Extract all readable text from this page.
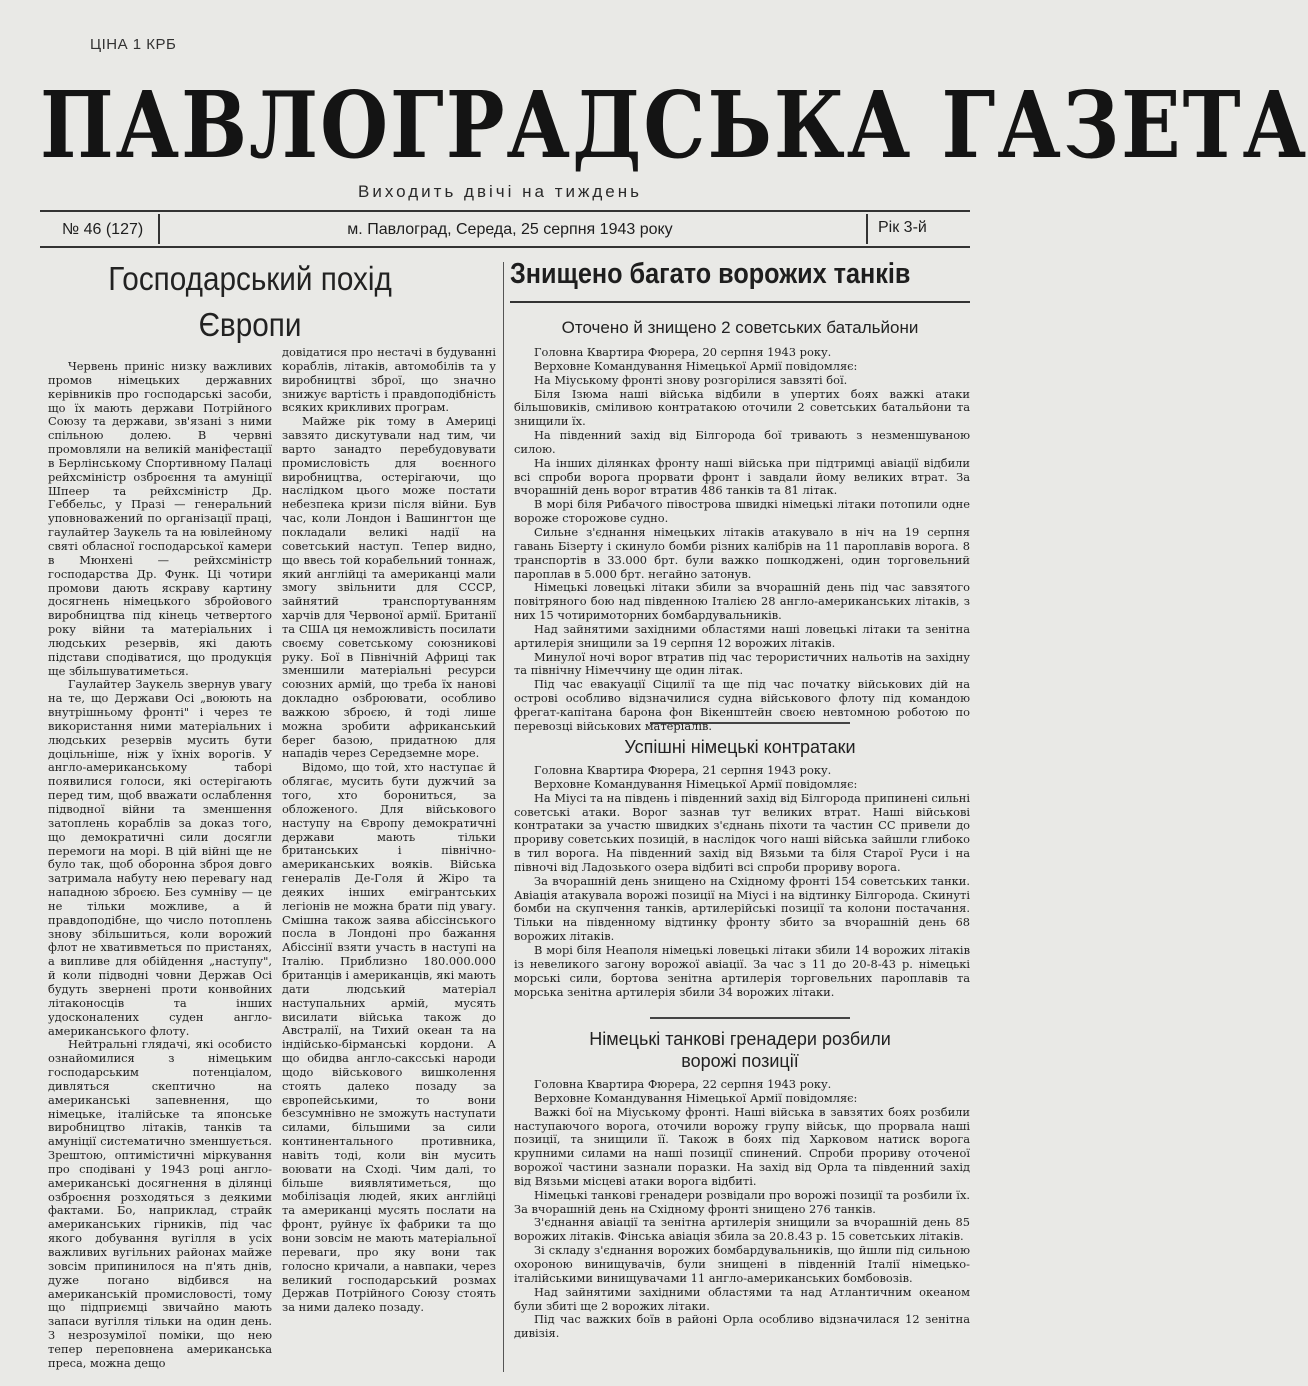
ЦІНА 1 КРБ
ПАВЛОГРАДСЬКА ГАЗЕТА
Виходить двічі на тиждень
№ 46 (127)	м. Павлоград, Середа, 25 серпня 1943 року	Рік 3-й
Господарський похід
Європи

Червень приніс низку важливих промов німецьких державних керівників про господарські засоби, що їх мають держави Потрійного Союзу та держави, зв'язані з ними спільною долею. В червні промовляли на великій маніфестації в Берлінському Спортивному Палаці рейхсміністр озброєння та амуніції Шпеер та рейхсміністр Др. Геббельс, у Празі — генеральний уповноважений по організації праці, гаулайтер Заукель та на ювілейному святі обласної господарської камери в Мюнхені — рейхсміністр господарства Др. Функ. Ці чотири промови дають яскраву картину досягнень німецького збройового виробництва під кінець четвертого року війни та матеріальних і людських резервів, які дають підстави сподіватися, що продукція ще збільшуватиметься.

Гаулайтер Заукель звернув увагу на те, що Держави Осі „воюють на внутрішньому фронті" і через те використання ними матеріальних і людських резервів мусить бути доцільніше, ніж у їхніх ворогів. У англо-американському таборі появилися голоси, які остерігають перед тим, щоб вважати ослаблення підводної війни та зменшення затоплень кораблів за доказ того, що демократичні сили досягли перемоги на морі. В цій війні ще не було так, щоб оборонна зброя довго затримала набуту нею перевагу над нападною зброєю. Без сумніву — це не тільки можливе, а й правдоподібне, що число потоплень знову збільшиться, коли ворожий флот не хвативметься по пристанях, а випливе для обійдення „наступу", й коли підводні човни Держав Осі будуть звернені проти конвойних літаконосців та інших удосконалених суден англо-американського флоту.

Нейтральні глядачі, які особисто ознайомилися з німецьким господарським потенціалом, дивляться скептично на американські запевнення, що німецьке, італійське та японське виробництво літаків, танків та амуніції систематично зменшується. Зрештою, оптимістичні міркування про сподівані у 1943 році англо-американські досягнення в ділянці озброєння розходяться з деякими фактами. Бо, наприклад, страйк американських гірників, під час якого добування вугілля в усіх важливих вугільних районах майже зовсім припинилося на п'ять днів, дуже погано відбився на американській промисловості, тому що підприємці звичайно мають запаси вугілля тільки на один день. З незрозумілої поміки, що нею тепер переповнена американська преса, можна дещо

довідатися про нестачі в будуванні кораблів, літаків, автомобілів та у виробництві зброї, що значно знижує вартість і правдоподібність всяких крикливих програм.

Майже рік тому в Америці завзято дискутували над тим, чи варто занадто перебудовувати промисловість для воєнного виробництва, остерігаючи, що наслідком цього може постати небезпека кризи після війни. Був час, коли Лондон і Вашингтон ще покладали великі надії на советський наступ. Тепер видно, що ввесь той корабельний тоннаж, який англійці та американці мали змогу звільнити для СССР, зайнятий транспортуванням харчів для Червоної армії. Британії та США ця неможливість посилати своєму советському союзникові руку. Бої в Північній Африці так зменшили матеріальні ресурси союзних армій, що треба їх нанові докладно озброювати, особливо важкою зброєю, й тоді лише можна зробити африканський берег базою, придатною для нападів через Середземне море.

Відомо, що той, хто наступає й облягає, мусить бути дужчий за того, хто борониться, за обложеного. Для військового наступу на Європу демократичні держави мають тільки британських і північно-американських вояків. Війська генералів Де-Голя й Жіро та деяких інших емігрантських легіонів не можна брати під увагу. Смішна також заява абіссінського посла в Лондоні про бажання Абіссінії взяти участь в наступі на Італію. Приблизно 180.000.000 британців і американців, які мають дати людський матеріал наступальних армій, мусять висилати війська також до Австралії, на Тихий океан та на індійсько-бірманські кордони. А що обидва англо-саксські народи щодо військового вишколення стоять далеко позаду за європейськими, то вони безсумнівно не зможуть наступати силами, більшими за сили континентального противника, навіть тоді, коли він мусить воювати на Сході. Чим далі, то більше виявлятиметься, що мобілізація людей, яких англійці та американці мусять послати на фронт, руйнує їх фабрики та що вони зовсім не мають матеріальної переваги, про яку вони так голосно кричали, а навпаки, через великий господарський розмах Держав Потрійного Союзу стоять за ними далеко позаду.

Знищено багато ворожих танків
Оточено й знищено 2 советських батальйони

Головна Квартира Фюрера, 20 серпня 1943 року.

Верховне Командування Німецької Армії повідомляє:

На Міуському фронті знову розгорілися завзяті бої.

Біля Ізюма наші війська відбили в упертих боях важкі атаки більшовиків, сміливою контратакою оточили 2 советських батальйони та знищили їх.

На південний захід від Білгорода бої тривають з незменшуваною силою.

На інших ділянках фронту наші війська при підтримці авіації відбили всі спроби ворога прорвати фронт і завдали йому великих втрат. За вчорашній день ворог втратив 486 танків та 81 літак.

В морі біля Рибачого півострова швидкі німецькі літаки потопили одне вороже сторожове судно.

Сильне з'єднання німецьких літаків атакувало в ніч на 19 серпня гавань Бізерту і скинуло бомби різних калібрів на 11 пароплавів ворога. 8 транспортів в 33.000 брт. були важко пошкоджені, один торговельний пароплав в 5.000 брт. негайно затонув.

Німецькі ловецькі літаки збили за вчорашній день під час завзятого повітряного бою над південною Італією 28 англо-американських літаків, з них 15 чотиримоторних бомбардувальників.

Над зайнятими західними областями наші ловецькі літаки та зенітна артилерія знищили за 19 серпня 12 ворожих літаків.

Минулої ночі ворог втратив під час терористичних нальотів на західну та північну Німеччину ще один літак.

Під час евакуації Сіцилії та ще під час початку військових дій на острові особливо відзначилися судна військового флоту під командою фрегат-капітана барона фон Вікенштейн своєю невтомною роботою по перевозці військових матеріалів.

Успішні німецькі контратаки

Головна Квартира Фюрера, 21 серпня 1943 року.

Верховне Командування Німецької Армії повідомляє:

На Міусі та на південь і південний захід від Білгорода припинені сильні советські атаки. Ворог зазнав тут великих втрат. Наші військові контратаки за участю швидких з'єднань піхоти та частин СС привели до прориву советських позицій, в наслідок чого наші війська зайшли глибоко в тил ворога. На південний захід від Вязьми та біля Старої Руси і на півночі від Ладозького озера відбиті всі спроби прориву ворога.

За вчорашній день знищено на Східному фронті 154 советських танки. Авіація атакувала ворожі позиції на Міусі і на відтинку Білгорода. Скинуті бомби на скупчення танків, артилерійські позиції та колони постачання. Тільки на південному відтинку фронту збито за вчорашній день 68 ворожих літаків.

В морі біля Неаполя німецькі ловецькі літаки збили 14 ворожих літаків із невеликого загону ворожої авіації. За час з 11 до 20-8-43 р. німецькі морські сили, бортова зенітна артилерія торговельних пароплавів та морська зенітна артилерія збили 34 ворожих літаки.

Німецькі танкові гренадери розбили
ворожі позиції

Головна Квартира Фюрера, 22 серпня 1943 року.

Верховне Командування Німецької Армії повідомляє:

Важкі бої на Міуському фронті. Наші війська в завзятих боях розбили наступаючого ворога, оточили ворожу групу військ, що прорвала наші позиції, та знищили її. Також в боях під Харковом натиск ворога крупними силами на наші позиції спинений. Спроби прориву оточеної ворожої частини зазнали поразки. На захід від Орла та південний захід від Вязьми місцеві атаки ворога відбиті.

Німецькі танкові гренадери розвідали про ворожі позиції та розбили їх. За вчорашній день на Східному фронті знищено 276 танків.

З'єднання авіації та зенітна артилерія знищили за вчорашній день 85 ворожих літаків. Фінська авіація збила за 20.8.43 р. 15 советських літаків.

Зі складу з'єднання ворожих бомбардувальників, що йшли під сильною охороною винищувачів, були знищені в південній Італії німецько-італійськими винищувачами 11 англо-американських бомбовозів.

Над зайнятими західними областями та над Атлантичним океаном були збиті ще 2 ворожих літаки.

Під час важких боїв в районі Орла особливо відзначилася 12 зенітна дивізія.
